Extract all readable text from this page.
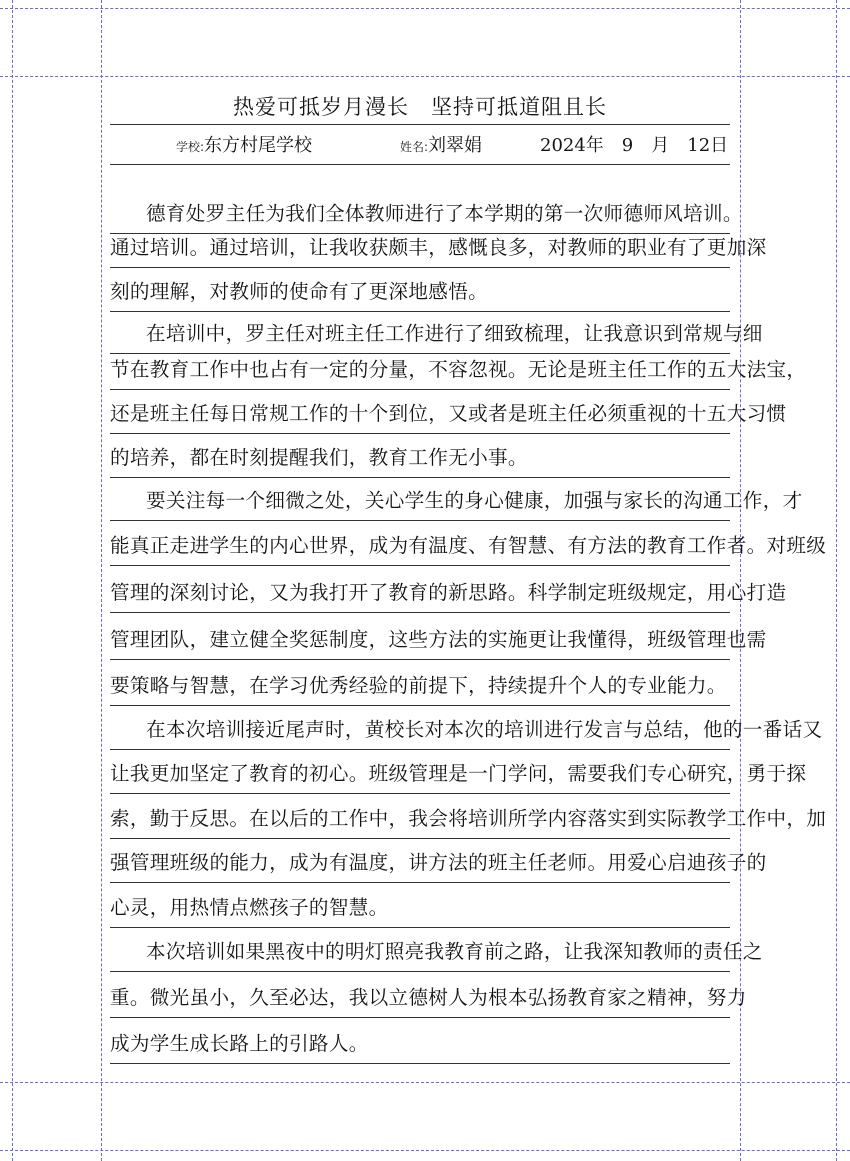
热爱可抵岁月漫长　坚持可抵道阻且长
学校:东方村尾学校	姓名:刘翠娟	2024年　9　月　12日
德育处罗主任为我们全体教师进行了本学期的第一次师德师风培训。
通过培训。通过培训，让我收获颇丰，感慨良多，对教师的职业有了更加深
刻的理解，对教师的使命有了更深地感悟。
在培训中，罗主任对班主任工作进行了细致梳理，让我意识到常规与细
节在教育工作中也占有一定的分量，不容忽视。无论是班主任工作的五大法宝，
还是班主任每日常规工作的十个到位，又或者是班主任必须重视的十五大习惯
的培养，都在时刻提醒我们，教育工作无小事。
要关注每一个细微之处，关心学生的身心健康，加强与家长的沟通工作，才
能真正走进学生的内心世界，成为有温度、有智慧、有方法的教育工作者。对班级
管理的深刻讨论，又为我打开了教育的新思路。科学制定班级规定，用心打造
管理团队，建立健全奖惩制度，这些方法的实施更让我懂得，班级管理也需
要策略与智慧，在学习优秀经验的前提下，持续提升个人的专业能力。
在本次培训接近尾声时，黄校长对本次的培训进行发言与总结，他的一番话又
让我更加坚定了教育的初心。班级管理是一门学问，需要我们专心研究，勇于探
索，勤于反思。在以后的工作中，我会将培训所学内容落实到实际教学工作中，加
强管理班级的能力，成为有温度，讲方法的班主任老师。用爱心启迪孩子的
心灵，用热情点燃孩子的智慧。
本次培训如果黑夜中的明灯照亮我教育前之路，让我深知教师的责任之
重。微光虽小，久至必达，我以立德树人为根本弘扬教育家之精神，努力
成为学生成长路上的引路人。
